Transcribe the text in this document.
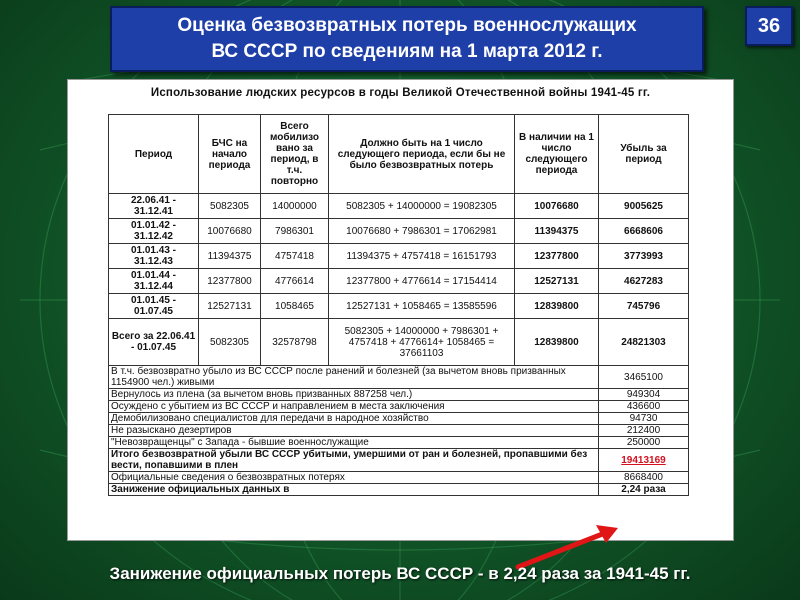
Оценка безвозвратных потерь военнослужащих
ВС СССР по сведениям на 1 марта 2012 г.
36
Использование людских ресурсов в годы Великой Отечественной войны 1941-45 гг.
Период	БЧС на начало периода	Всего мобилизо вано за период, в т.ч. повторно	Должно быть на 1 число следующего периода, если бы не было безвозвратных потерь	В наличии на 1 число следующего периода	Убыль за период
22.06.41 - 31.12.41	5082305	14000000	5082305 + 14000000 = 19082305	10076680	9005625
01.01.42 - 31.12.42	10076680	7986301	10076680 + 7986301 = 17062981	11394375	6668606
01.01.43 - 31.12.43	11394375	4757418	11394375 + 4757418 = 16151793	12377800	3773993
01.01.44 - 31.12.44	12377800	4776614	12377800 + 4776614 = 17154414	12527131	4627283
01.01.45 - 01.07.45	12527131	1058465	12527131 + 1058465 = 13585596	12839800	745796
Всего за 22.06.41 - 01.07.45	5082305	32578798	5082305 + 14000000 + 7986301 + 4757418 + 4776614+ 1058465 = 37661103	12839800	24821303
В т.ч. безвозвратно убыло из ВС СССР после ранений и болезней (за вычетом вновь призванных 1154900 чел.) живыми					3465100
Вернулось из плена (за вычетом вновь призванных 887258 чел.)					949304
Осуждено с убытием из ВС СССР и направлением в места заключения					436600
Демобилизовано специалистов для передачи в народное хозяйство					94730
Не разыскано дезертиров					212400
"Невозвращенцы" с Запада - бывшие военнослужащие					250000
Итого безвозвратной убыли ВС СССР убитыми, умершими от ран и болезней, пропавшими без вести, попавшими в плен					19413169
Официальные сведения о безвозвратных потерях					8668400
Занижение официальных данных в					2,24 раза
Занижение официальных потерь ВС СССР - в 2,24 раза за 1941-45 гг.
